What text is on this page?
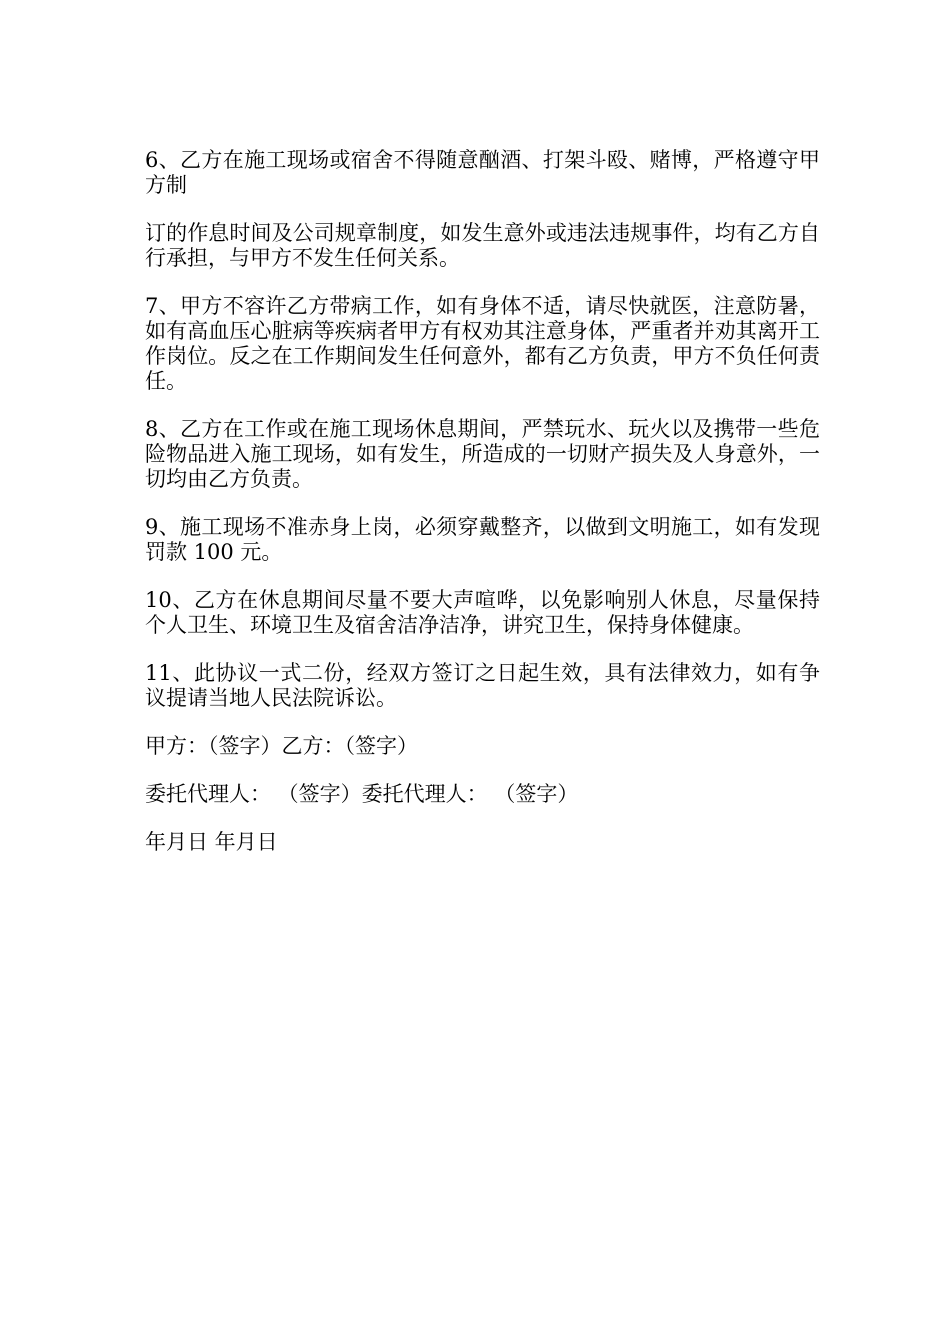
6、乙方在施工现场或宿舍不得随意酗酒、打架斗殴、赌博，严格遵守甲方制

订的作息时间及公司规章制度，如发生意外或违法违规事件，均有乙方自行承担，与甲方不发生任何关系。

7、甲方不容许乙方带病工作，如有身体不适，请尽快就医，注意防暑，如有高血压心脏病等疾病者甲方有权劝其注意身体，严重者并劝其离开工作岗位。反之在工作期间发生任何意外，都有乙方负责，甲方不负任何责任。

8、乙方在工作或在施工现场休息期间，严禁玩水、玩火以及携带一些危险物品进入施工现场，如有发生，所造成的一切财产损失及人身意外，一切均由乙方负责。

9、施工现场不准赤身上岗，必须穿戴整齐，以做到文明施工，如有发现罚款 100 元。

10、乙方在休息期间尽量不要大声喧哗，以免影响别人休息，尽量保持个人卫生、环境卫生及宿舍洁净洁净，讲究卫生，保持身体健康。

11、此协议一式二份，经双方签订之日起生效，具有法律效力，如有争议提请当地人民法院诉讼。

甲方：（签字）乙方：（签字）

委托代理人： （签字）委托代理人： （签字）

年月日 年月日
